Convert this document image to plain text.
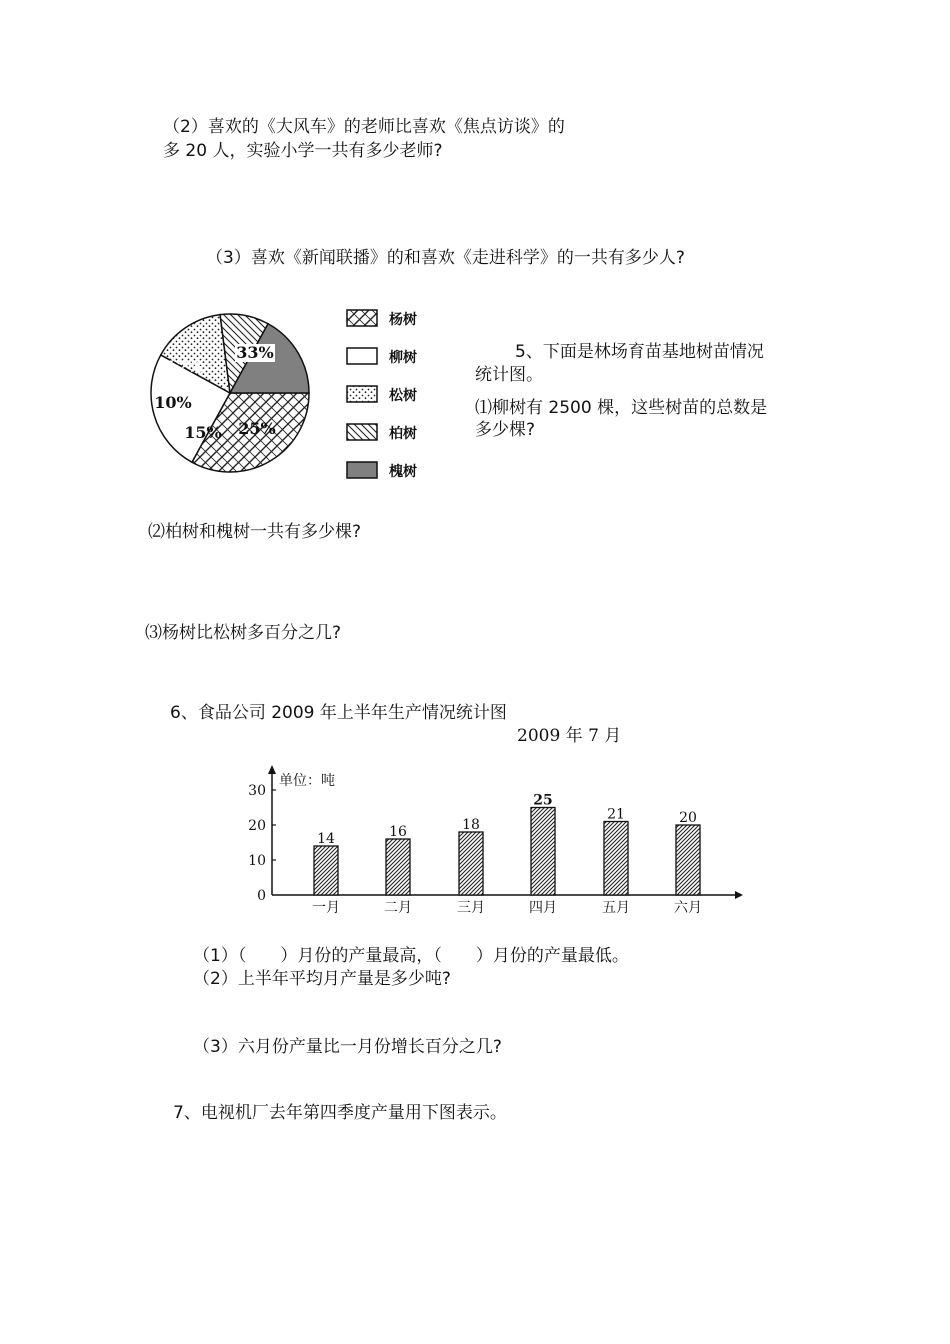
（2）喜欢的《大风车》的老师比喜欢《焦点访谈》的

多 20 人，实验小学一共有多少老师?

（3）喜欢《新闻联播》的和喜欢《走进科学》的一共有多少人?

33%
25%
15%
10%
17%
杨树
柳树
松树
柏树
槐树

5、下面是林场育苗基地树苗情况

统计图。

⑴柳树有 2500 棵，这些树苗的总数是

多少棵?

⑵柏树和槐树一共有多少棵?

⑶杨树比松树多百分之几?

6、食品公司 2009 年上半年生产情况统计图

2009 年 7 月

单位：吨
0
10
20
30
14
一月
16
二月
18
三月
25
四月
21
五月
20
六月

（1）（　　）月份的产量最高，（　　）月份的产量最低。

（2）上半年平均月产量是多少吨?

（3）六月份产量比一月份增长百分之几?

7、电视机厂去年第四季度产量用下图表示。
